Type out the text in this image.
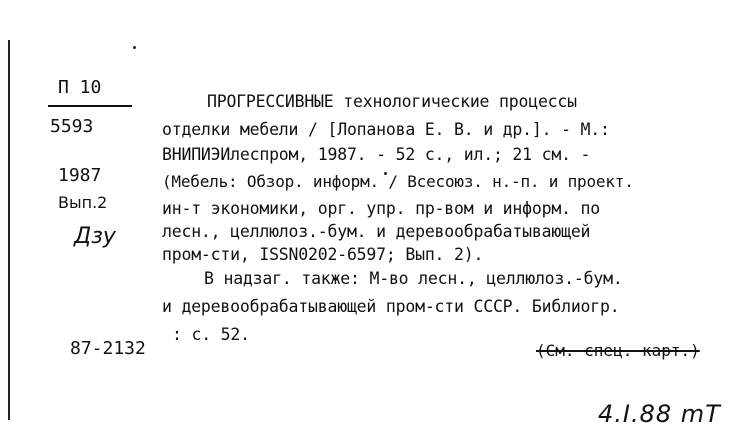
П 10
5593
1987
Вып.2
Дзу
87-2132
ПРОГРЕССИВНЫЕ технологические процессы
отделки мебели / [Лопанова Е. В. и др.]. - М.:
ВНИПИЭИлеспром, 1987. - 52 с., ил.; 21 см. -
(Мебель: Обзор. информ. / Всесоюз. н.-п. и проект.
ин-т экономики, орг. упр. пр-вом и информ. по
лесн., целлюлоз.-бум. и деревообрабатывающей
пром-сти, ISSN0202-6597; Вып. 2).
В надзаг. также: М-во лесн., целлюлоз.-бум.
и деревообрабатывающей пром-сти СССР. Библиогр.
: с. 52.
(См. спец. карт.)
4.I.88 mT
